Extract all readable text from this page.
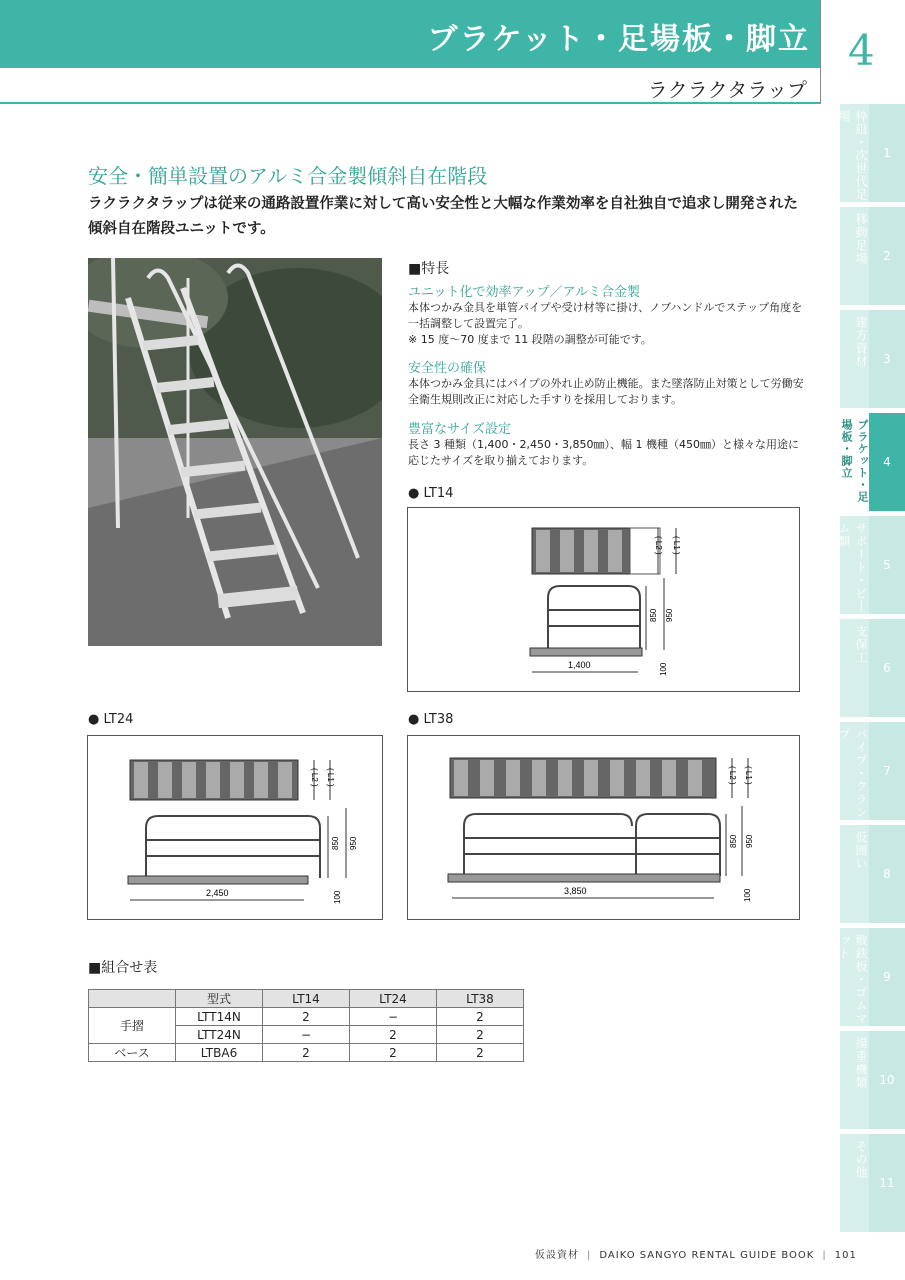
ブラケット・足場板・脚立
ラクラクタラップ
4
枠組・次世代足場
1
移動足場	2
建方資材	3
ブラケット・足場板・脚立	4
サポート・ビーム類
5
支保工
6
パイプ・クランプ
7
仮囲い
8
敷鉄板・ゴムマット
9
揚重機類 10
その他
11
安全・簡単設置のアルミ合金製傾斜自在階段
ラクラクタラップは従来の通路設置作業に対して高い安全性と大幅な作業効率を自社独自で追求し開発された傾斜自在階段ユニットです。
■特長
ユニット化で効率アップ／アルミ合金製
本体つかみ金具を単管パイプや受け材等に掛け、ノブハンドルでステップ角度を一括調整して設置完了。
※ 15 度〜70 度まで 11 段階の調整が可能です。
安全性の確保
本体つかみ金具にはパイプの外れ止め防止機能。また墜落防止対策として労働安全衛生規則改正に対応した手すりを採用しております。
豊富なサイズ設定
長さ 3 種類（1,400・2,450・3,850㎜）、幅 1 機種（450㎜）と様々な用途に応じたサイズを取り揃えております。
● LT14
1,400
( L2 ) ( L1 )
850 950
100
● LT24
2,450
( L2 ) ( L1 )
850 950
100
● LT38
3,850
( L2 ) ( L1 )
850 950
100
■組合せ表
	型式	LT14	LT24	LT38
手摺	LTT14N	2	−	2
	LTT24N	−	2	2
ベース	LTBA6	2	2	2
仮設資材 | DAIKO SANGYO RENTAL GUIDE BOOK | 101
